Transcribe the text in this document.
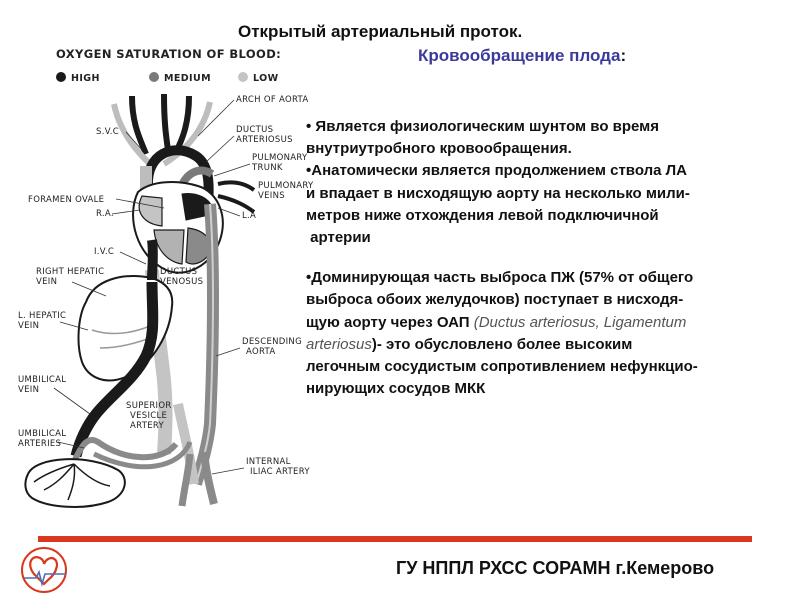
Открытый артериальный проток.
Кровообращение плода:
OXYGEN SATURATION OF BLOOD:
HIGH	MEDIUM	LOW
ARCH OF AORTA
S.V.C	DUCTUS
ARTERIOSUS
PULMONARY
TRUNK
PULMONARY
VEINS
FORAMEN OVALE
R.A.	L.A
I.V.C
RIGHT HEPATIC
VEIN
DUCTUS
VENOSUS
L. HEPATIC
VEIN
DESCENDING
AORTA
UMBILICAL
VEIN
SUPERIOR
VESICLE
ARTERY
UMBILICAL
ARTERIES
INTERNAL
ILIAC ARTERY

• Является физиологическим шунтом во время

внутриутробного кровообращения.

•Анатомически является продолжением ствола ЛА

и впадает в нисходящую аорту на несколько мили-

метров ниже отхождения левой подключичной

артерии

•Доминирующая часть выброса ПЖ (57% от общего

выброса обоих желудочков) поступает в нисходя-

щую аорту через ОАП (Ductus arteriosus, Ligamentum

arteriosus)- это обусловлено более высоким

легочным сосудистым сопротивлением нефункцио-

нирующих сосудов МКК

ГУ НППЛ РХСС СОРАМН г.Кемерово
